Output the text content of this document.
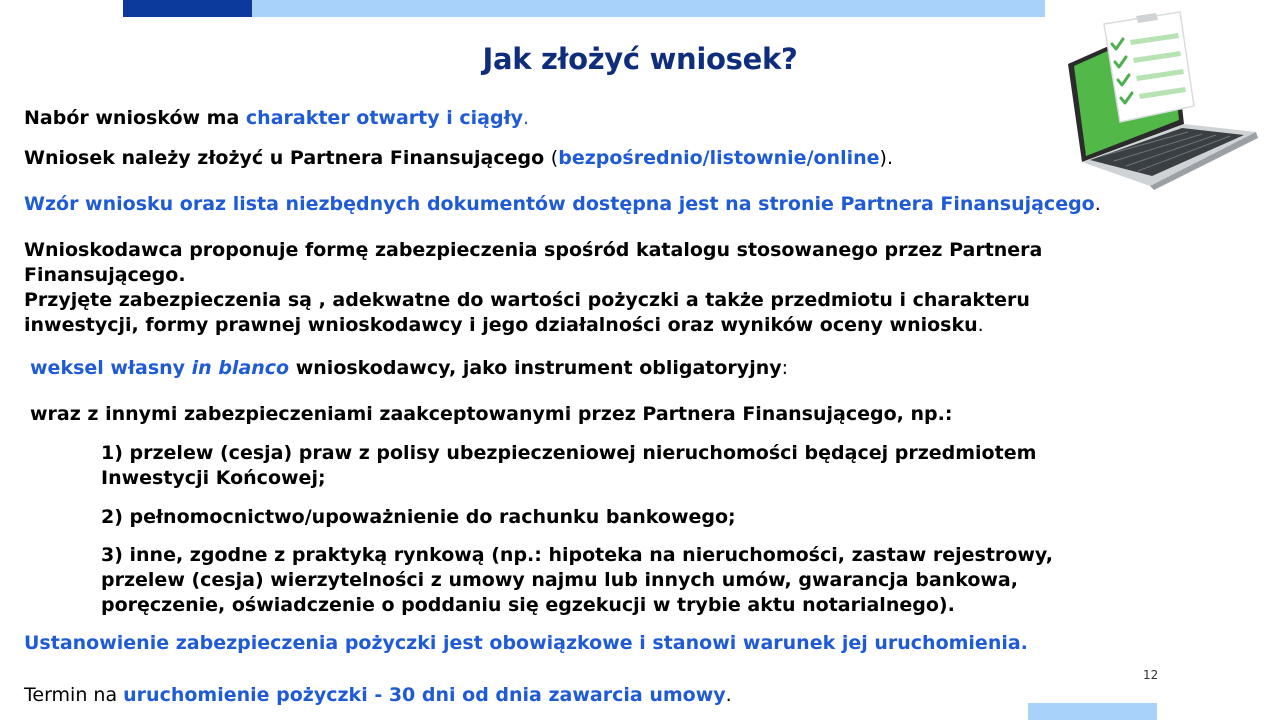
Jak złożyć wniosek?
Nabór wniosków ma charakter otwarty i ciągły.
Wniosek należy złożyć u Partnera Finansującego (bezpośrednio/listownie/online).
Wzór wniosku oraz lista niezbędnych dokumentów dostępna jest na stronie Partnera Finansującego.
Wnioskodawca proponuje formę zabezpieczenia spośród katalogu stosowanego przez Partnera
Finansującego.
Przyjęte zabezpieczenia są , adekwatne do wartości pożyczki a także przedmiotu i charakteru
inwestycji, formy prawnej wnioskodawcy i jego działalności oraz wyników oceny wniosku.
weksel własny in blanco wnioskodawcy, jako instrument obligatoryjny:
wraz z innymi zabezpieczeniami zaakceptowanymi przez Partnera Finansującego, np.:
1) przelew (cesja) praw z polisy ubezpieczeniowej nieruchomości będącej przedmiotem
Inwestycji Końcowej;
2) pełnomocnictwo/upoważnienie do rachunku bankowego;
3) inne, zgodne z praktyką rynkową (np.: hipoteka na nieruchomości, zastaw rejestrowy,
przelew (cesja) wierzytelności z umowy najmu lub innych umów, gwarancja bankowa,
poręczenie, oświadczenie o poddaniu się egzekucji w trybie aktu notarialnego).
Ustanowienie zabezpieczenia pożyczki jest obowiązkowe i stanowi warunek jej uruchomienia.
Termin na uruchomienie pożyczki - 30 dni od dnia zawarcia umowy.
12
